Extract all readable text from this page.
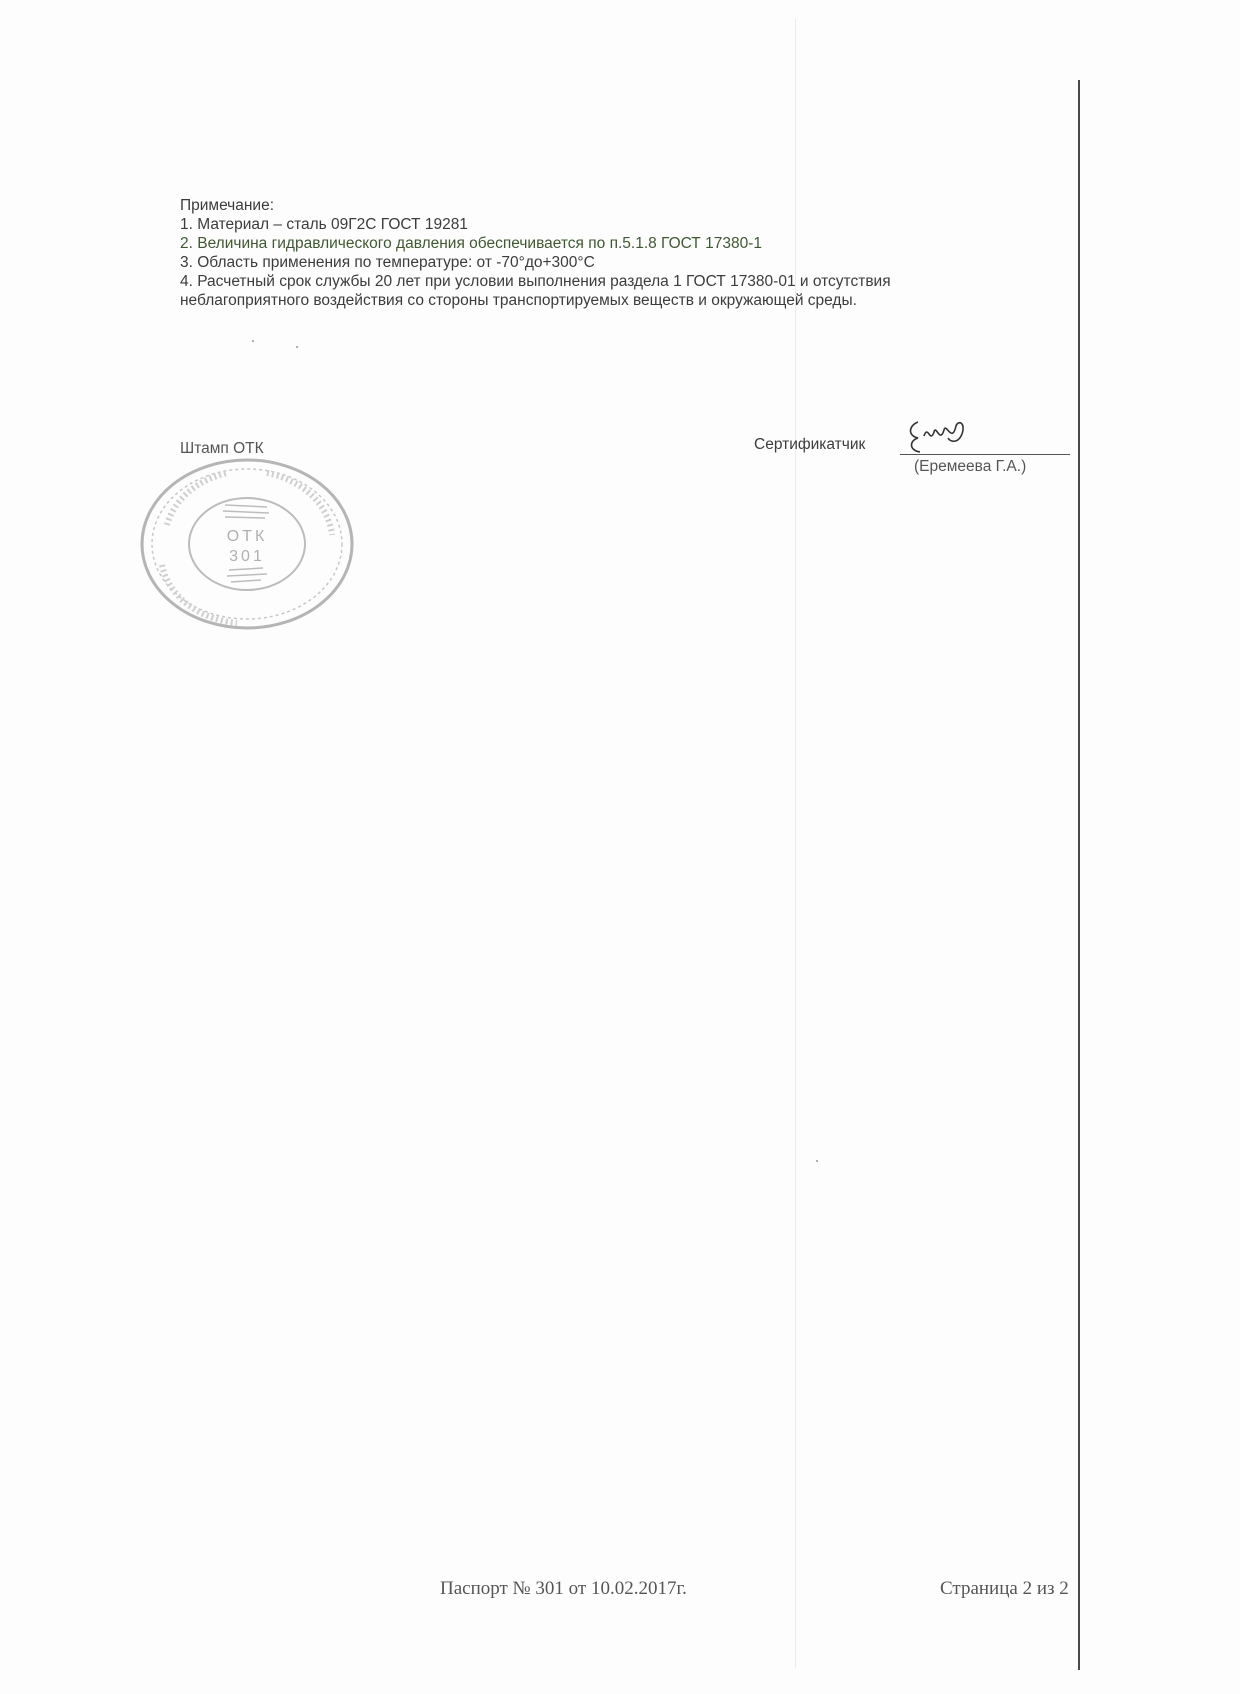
Примечание:
1. Материал – сталь 09Г2С ГОСТ 19281
2. Величина гидравлического давления обеспечивается по п.5.1.8 ГОСТ 17380-1
3. Область применения по температуре: от -70°до+300°С
4. Расчетный срок службы 20 лет при условии выполнения раздела 1 ГОСТ 17380-01 и отсутствия
неблагоприятного воздействия со стороны транспортируемых веществ и окружающей среды.
Штамп ОТК
ОТК
301
Сертификатчик
(Еремеева Г.А.)
Паспорт № 301 от 10.02.2017г.	Страница 2 из 2
